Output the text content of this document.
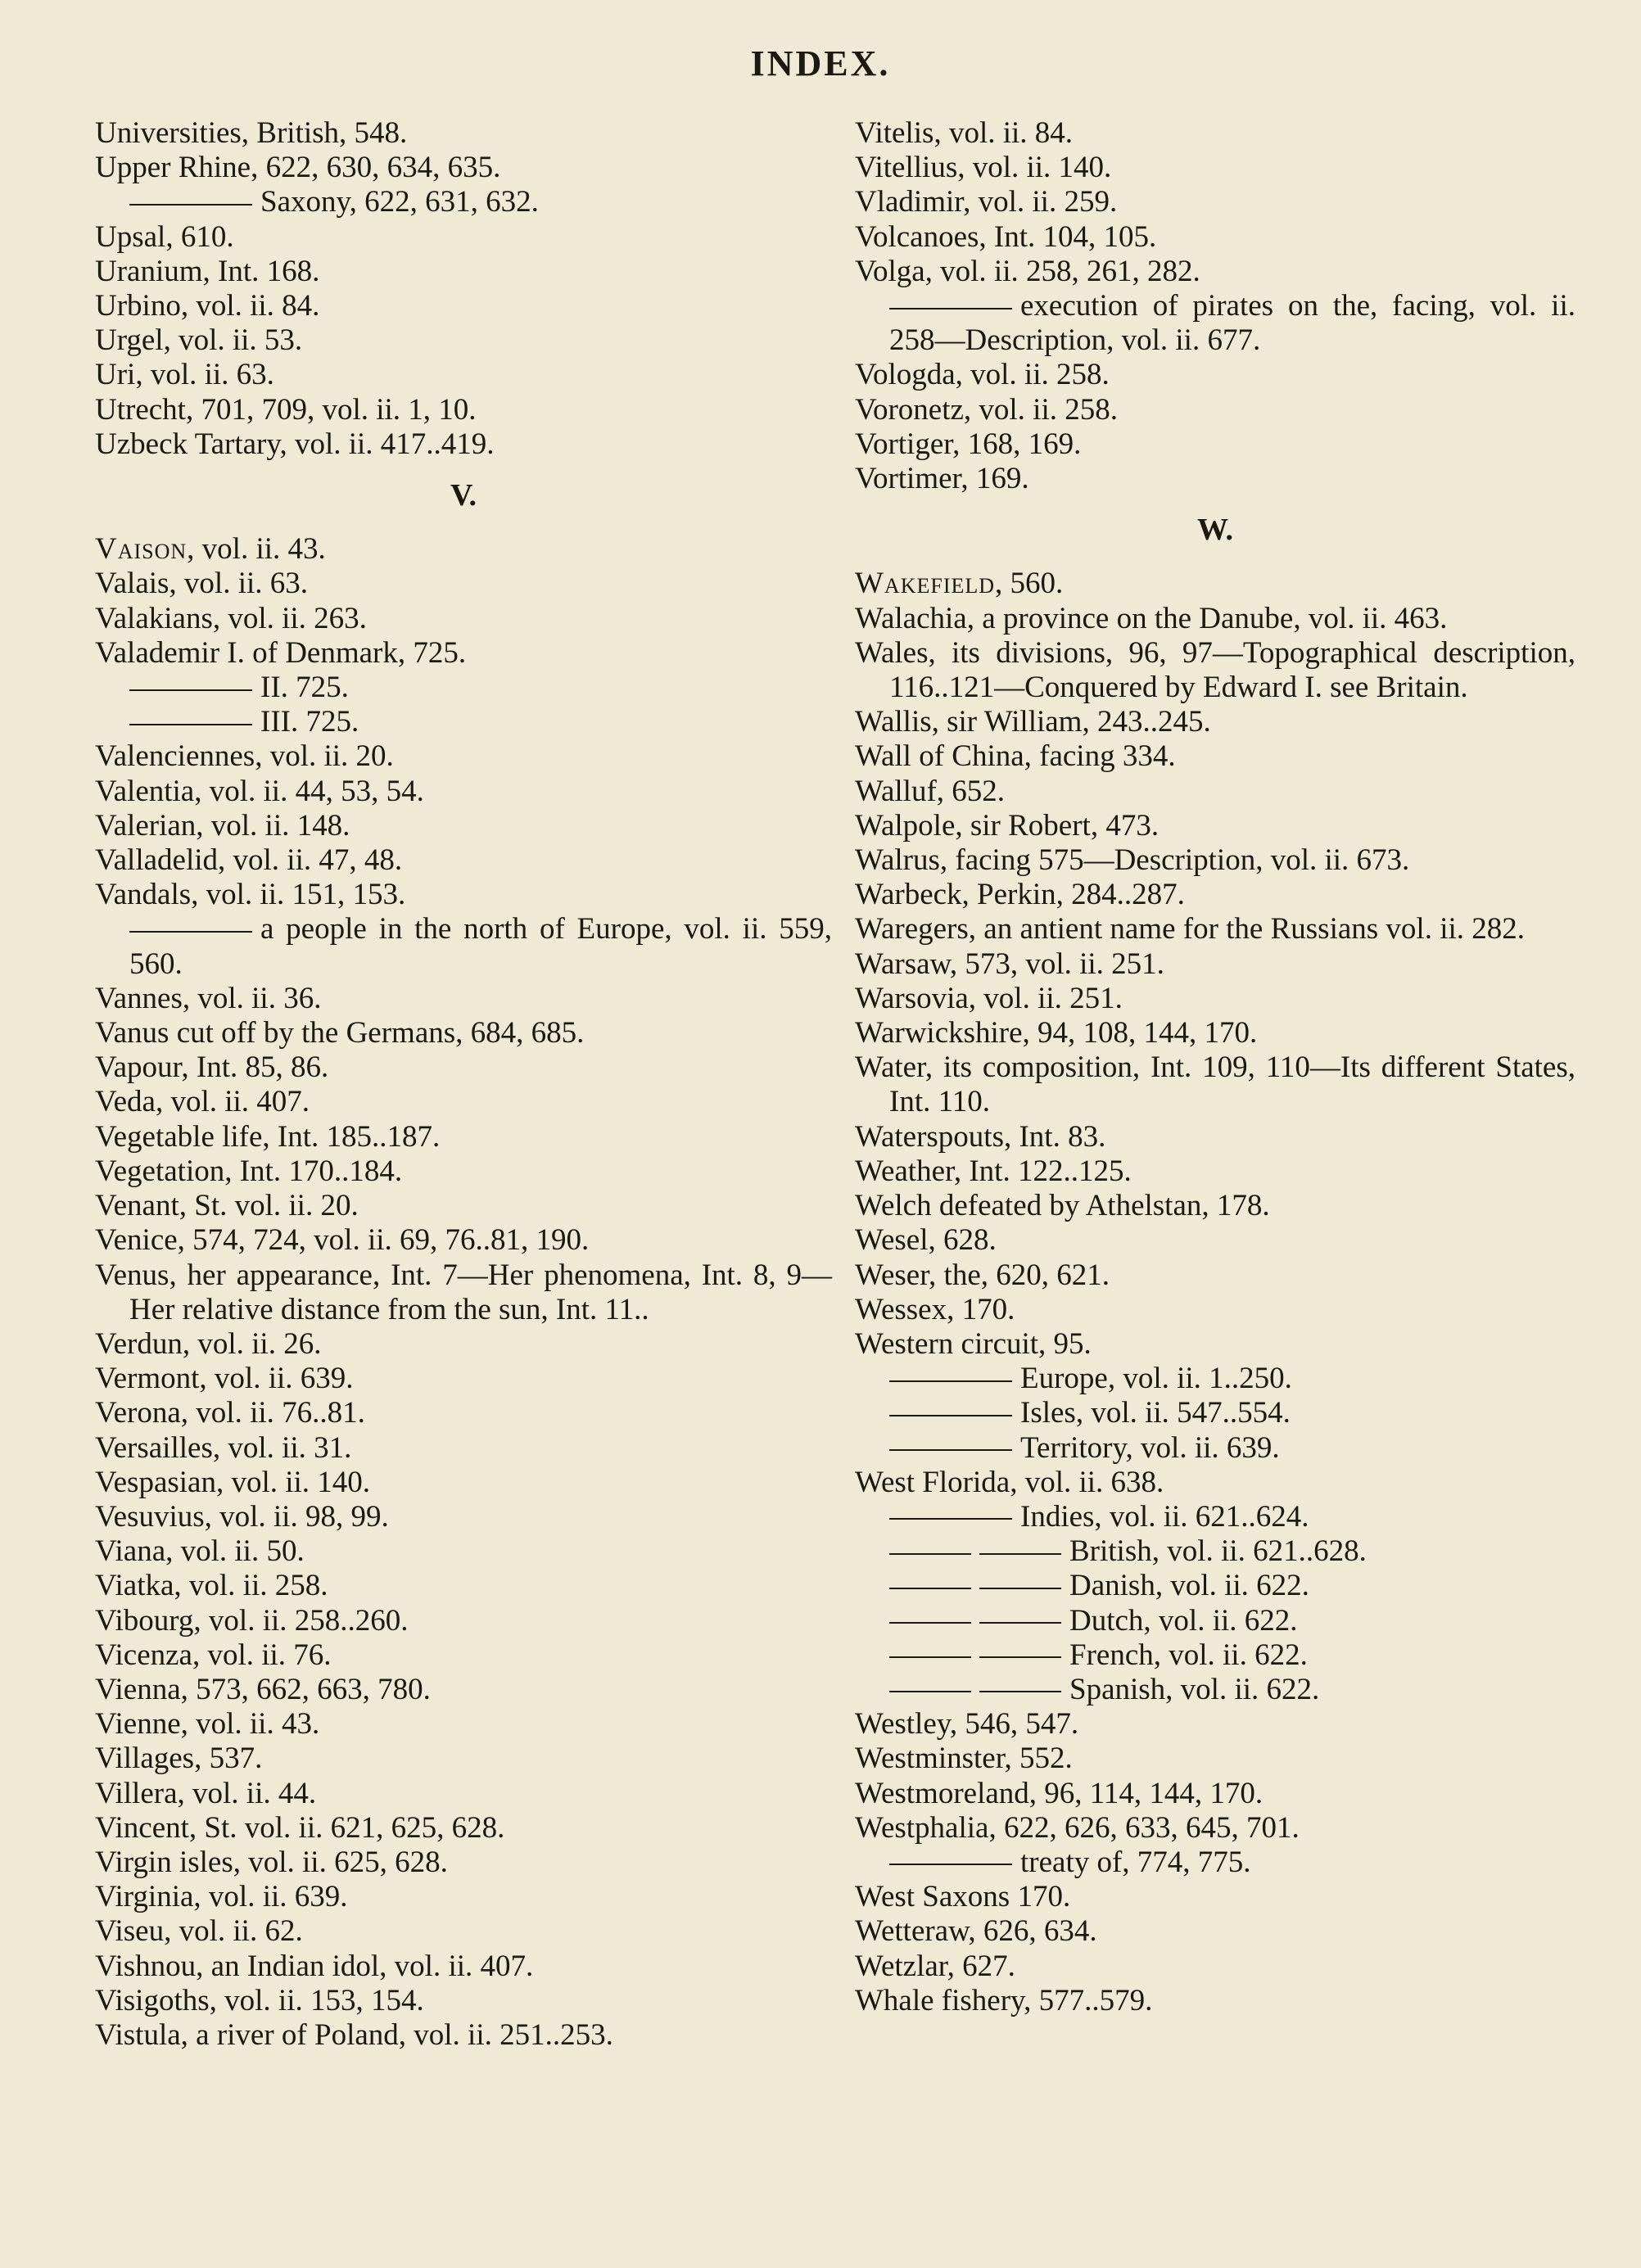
INDEX.
Universities, British, 548.
Upper Rhine, 622, 630, 634, 635.
Saxony, 622, 631, 632.
Upsal, 610.
Uranium, Int. 168.
Urbino, vol. ii. 84.
Urgel, vol. ii. 53.
Uri, vol. ii. 63.
Utrecht, 701, 709, vol. ii. 1, 10.
Uzbeck Tartary, vol. ii. 417..419.
V.
Vaison, vol. ii. 43.
Valais, vol. ii. 63.
Valakians, vol. ii. 263.
Valademir I. of Denmark, 725.
II. 725.
III. 725.
Valenciennes, vol. ii. 20.
Valentia, vol. ii. 44, 53, 54.
Valerian, vol. ii. 148.
Valladelid, vol. ii. 47, 48.
Vandals, vol. ii. 151, 153.
a people in the north of Europe, vol. ii. 559, 560.
Vannes, vol. ii. 36.
Vanus cut off by the Germans, 684, 685.
Vapour, Int. 85, 86.
Veda, vol. ii. 407.
Vegetable life, Int. 185..187.
Vegetation, Int. 170..184.
Venant, St. vol. ii. 20.
Venice, 574, 724, vol. ii. 69, 76..81, 190.
Venus, her appearance, Int. 7—Her phenomena, Int. 8, 9—Her relative distance from the sun, Int. 11..
Verdun, vol. ii. 26.
Vermont, vol. ii. 639.
Verona, vol. ii. 76..81.
Versailles, vol. ii. 31.
Vespasian, vol. ii. 140.
Vesuvius, vol. ii. 98, 99.
Viana, vol. ii. 50.
Viatka, vol. ii. 258.
Vibourg, vol. ii. 258..260.
Vicenza, vol. ii. 76.
Vienna, 573, 662, 663, 780.
Vienne, vol. ii. 43.
Villages, 537.
Villera, vol. ii. 44.
Vincent, St. vol. ii. 621, 625, 628.
Virgin isles, vol. ii. 625, 628.
Virginia, vol. ii. 639.
Viseu, vol. ii. 62.
Vishnou, an Indian idol, vol. ii. 407.
Visigoths, vol. ii. 153, 154.
Vistula, a river of Poland, vol. ii. 251..253.
Vitelis, vol. ii. 84.
Vitellius, vol. ii. 140.
Vladimir, vol. ii. 259.
Volcanoes, Int. 104, 105.
Volga, vol. ii. 258, 261, 282.
execution of pirates on the, facing, vol. ii. 258—Description, vol. ii. 677.
Vologda, vol. ii. 258.
Voronetz, vol. ii. 258.
Vortiger, 168, 169.
Vortimer, 169.
W.
Wakefield, 560.
Walachia, a province on the Danube, vol. ii. 463.
Wales, its divisions, 96, 97—Topographical description, 116..121—Conquered by Edward I. see Britain.
Wallis, sir William, 243..245.
Wall of China, facing 334.
Walluf, 652.
Walpole, sir Robert, 473.
Walrus, facing 575—Description, vol. ii. 673.
Warbeck, Perkin, 284..287.
Waregers, an antient name for the Russians vol. ii. 282.
Warsaw, 573, vol. ii. 251.
Warsovia, vol. ii. 251.
Warwickshire, 94, 108, 144, 170.
Water, its composition, Int. 109, 110—Its different States, Int. 110.
Waterspouts, Int. 83.
Weather, Int. 122..125.
Welch defeated by Athelstan, 178.
Wesel, 628.
Weser, the, 620, 621.
Wessex, 170.
Western circuit, 95.
Europe, vol. ii. 1..250.
Isles, vol. ii. 547..554.
Territory, vol. ii. 639.
West Florida, vol. ii. 638.
Indies, vol. ii. 621..624.
British, vol. ii. 621..628.
Danish, vol. ii. 622.
Dutch, vol. ii. 622.
French, vol. ii. 622.
Spanish, vol. ii. 622.
Westley, 546, 547.
Westminster, 552.
Westmoreland, 96, 114, 144, 170.
Westphalia, 622, 626, 633, 645, 701.
treaty of, 774, 775.
West Saxons 170.
Wetteraw, 626, 634.
Wetzlar, 627.
Whale fishery, 577..579.
